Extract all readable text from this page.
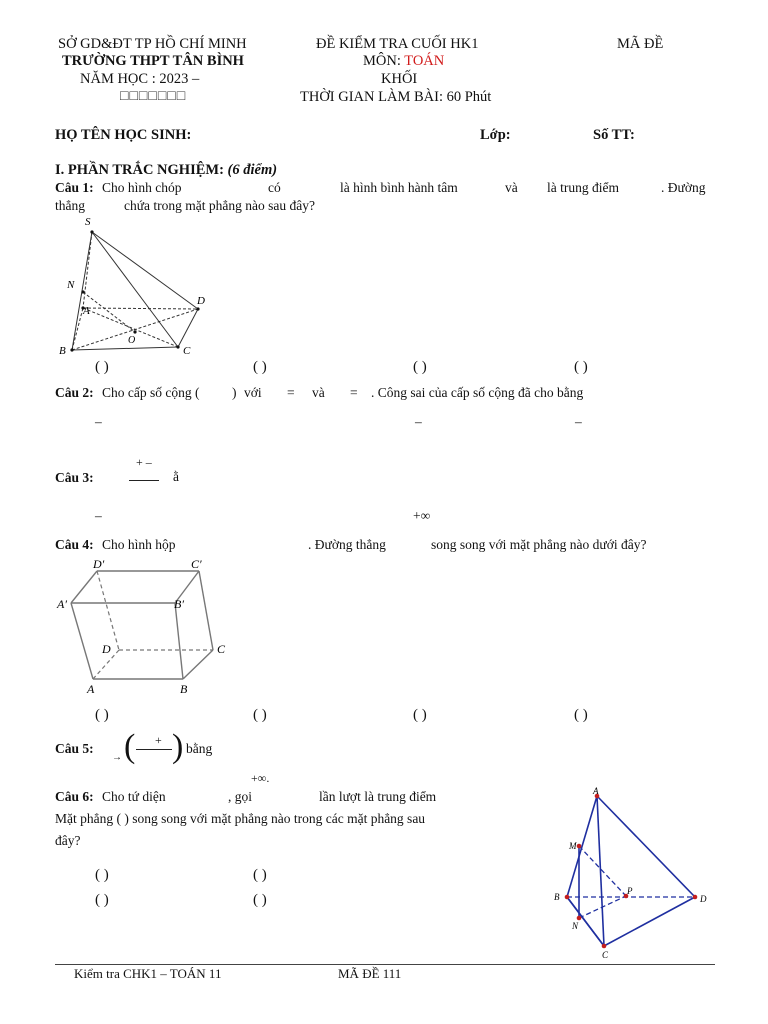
SỞ GD&ĐT TP HỒ CHÍ MINH
TRƯỜNG THPT TÂN BÌNH
NĂM HỌC : 2023 –
□□□□□□□
ĐỀ KIỂM TRA CUỐI HK1
MÔN: TOÁN
KHỐI
THỜI GIAN LÀM BÀI: 60 Phút
MÃ ĐỀ
HỌ TÊN HỌC SINH:	Lớp:	Số TT:
I. PHẦN TRẮC NGHIỆM: (6 điểm)
Câu 1: Cho hình chóp	có	là hình bình hành tâm	và là trung điểm	. Đường
thẳng	chứa trong mặt phẳng nào sau đây?
S
N
A
B	C
D
O
( )	( )	( )	( )
Câu 2: Cho cấp số cộng ( ) với = và = . Công sai của cấp số cộng đã cho bằng
–	–	–
Câu 3:
+ –
ằ
–	+∞
Câu 4: Cho hình hộp	. Đường thẳng	song song với mặt phẳng nào dưới đây?
D′	C′
A′	B′
D	C
A	B
( )	( )	( )	( )
Câu 5:
→ ( + ) bằng
+∞.
Câu 6: Cho tứ diện	, gọi	lần lượt là trung điểm
Mặt phẳng ( ) song song với mặt phẳng nào trong các mặt phẳng sau
đây?
( )	( )
( )	( )
A
M
B
P
N
D
C
Kiểm tra CHK1 – TOÁN 11	MÃ ĐỀ 111
